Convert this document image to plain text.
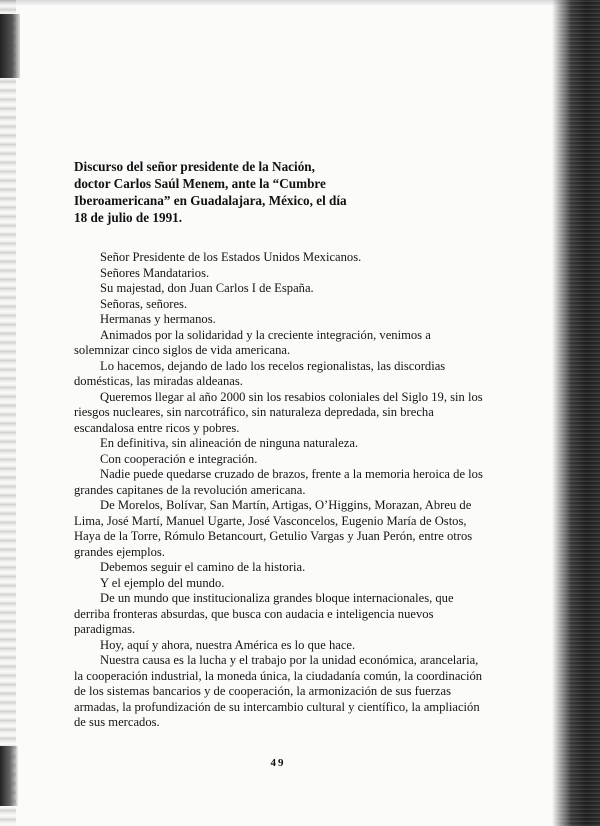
Discurso del señor presidente de la Nación,
doctor Carlos Saúl Menem, ante la “Cumbre
Iberoamericana” en Guadalajara, México, el día
18 de julio de 1991.

Señor Presidente de los Estados Unidos Mexicanos.

Señores Mandatarios.

Su majestad, don Juan Carlos I de España.

Señoras, señores.

Hermanas y hermanos.

Animados por la solidaridad y la creciente integración, venimos a solemnizar cinco siglos de vida americana.

Lo hacemos, dejando de lado los recelos regionalistas, las discordias domésticas, las miradas aldeanas.

Queremos llegar al año 2000 sin los resabios coloniales del Siglo 19, sin los riesgos nucleares, sin narcotráfico, sin naturaleza depredada, sin brecha escandalosa entre ricos y pobres.

En definitiva, sin alineación de ninguna naturaleza.

Con cooperación e integración.

Nadie puede quedarse cruzado de brazos, frente a la memoria heroica de los grandes capitanes de la revolución americana.

De Morelos, Bolívar, San Martín, Artigas, O’Higgins, Morazan, Abreu de Lima, José Martí, Manuel Ugarte, José Vasconcelos, Eugenio María de Ostos, Haya de la Torre, Rómulo Betancourt, Getulio Vargas y Juan Perón, entre otros grandes ejemplos.

Debemos seguir el camino de la historia.

Y el ejemplo del mundo.

De un mundo que institucionaliza grandes bloque internacionales, que derriba fronteras absurdas, que busca con audacia e inteligencia nuevos paradigmas.

Hoy, aquí y ahora, nuestra América es lo que hace.

Nuestra causa es la lucha y el trabajo por la unidad económica, arancelaria, la cooperación industrial, la moneda única, la ciudadanía común, la coordinación de los sistemas bancarios y de cooperación, la armonización de sus fuerzas armadas, la profundización de su intercambio cultural y científico, la ampliación de sus mercados.

49
